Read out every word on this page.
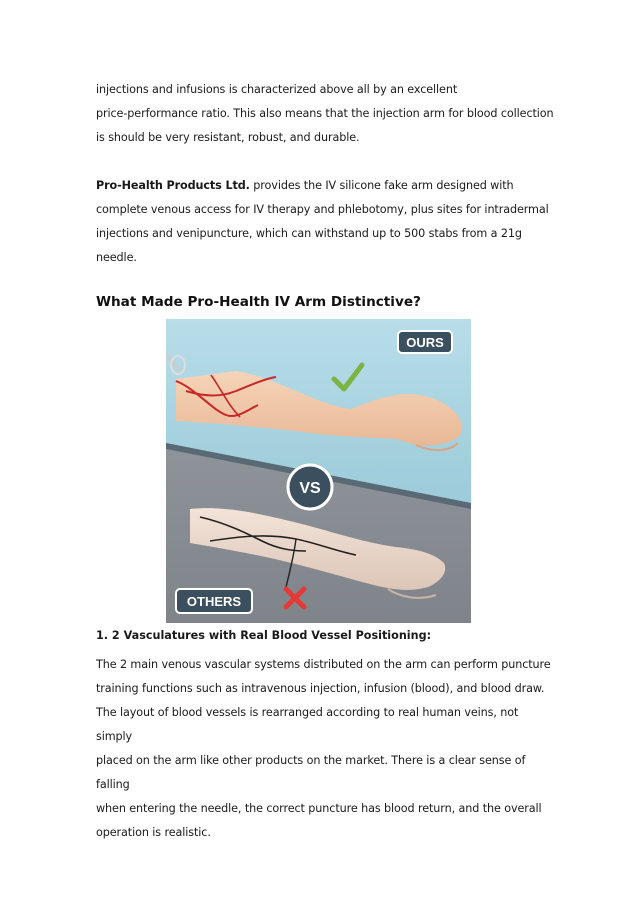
injections and infusions is characterized above all by an excellent
price-performance ratio. This also means that the injection arm for blood collection
is should be very resistant, robust, and durable.

Pro-Health Products Ltd. provides the IV silicone fake arm designed with
complete venous access for IV therapy and phlebotomy, plus sites for intradermal
injections and venipuncture, which can withstand up to 500 stabs from a 21g
needle.

What Made Pro-Health IV Arm Distinctive?
OURS
VS
OTHERS

1. 2 Vasculatures with Real Blood Vessel Positioning:

The 2 main venous vascular systems distributed on the arm can perform puncture
training functions such as intravenous injection, infusion (blood), and blood draw.
The layout of blood vessels is rearranged according to real human veins, not simply
placed on the arm like other products on the market. There is a clear sense of falling
when entering the needle, the correct puncture has blood return, and the overall
operation is realistic.
